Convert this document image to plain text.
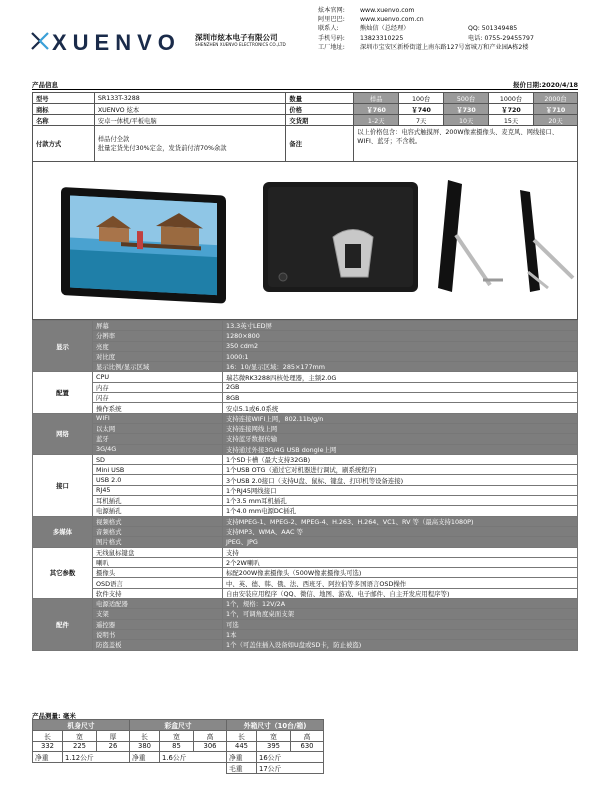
XUENVO 深圳市炫本电子有限公司
SHENZHEN XUENVO ELECTRONICS CO.,LTD
炫本官网: www.xuenvo.com
阿里巴巴: www.xuenvo.com.cn
联系人:	熊灿信（总经理）	QQ: 501349485
手机号码: 13823310225	电话: 0755-29455797
工厂地址: 深圳市宝安区新桥街道上南东路127号富城万和产业园A栋2楼
产品信息	报价日期:2020/4/18
型号	SR133T-3288	数量	样品	100台	500台	1000台	2000台
商标	XUENVO 炫本	价格	￥760	￥740	￥730	￥720	￥710
名称	安卓一体机/平板电脑	交货期	1-2天	7天	10天	15天	20天
付款方式	样品付全款
批量定货先付30%定金，发货前付清70%余款	备注	以上价格包含：电容式触摸屏、200W像素摄像头、麦克风、网线接口、WIFI、蓝牙；不含税。				
显示	屏幕	13.3英寸LED屏
	分辨率	1280×800
	亮度	350 cdm2
	对比度	1000:1
	显示比例/显示区域	16：10/显示区域：285×177mm
配置	CPU	瑞芯微RK3288四核处理器，主频2.0G
	内存	2GB
	闪存	8GB
	操作系统	安卓5.1或6.0系统
网络	WIFI	支持连接WIFI上网，802.11b/g/n
	以太网	支持连接网线上网
	蓝牙	支持蓝牙数据传输
	3G/4G	支持通过外接3G/4G USB dongle上网
接口	SD	1个SD卡槽（最大支持32GB)
	Mini USB	1个USB OTG（通过它对机器进行调试，刷系统程序)
	USB 2.0	3个USB 2.0接口（支持U盘、鼠标、键盘、打印机等设备连接)
	RJ45	1个RJ45网线接口
	耳机插孔	1个3.5 mm耳机插孔
	电源插孔	1个4.0 mm电源DC插孔
多媒体	视频格式	支持MPEG-1、MPEG-2、MPEG-4、H.263、H.264、VC1、RV 等（最高支持1080P)
	音频格式	支持MP3、WMA、AAC 等
	图片格式	JPEG、JPG
其它参数	无线鼠标键盘	支持
	喇叭	2个2W喇叭
	摄像头	标配200W像素摄像头（500W像素摄像头可选)
	OSD语言	中、英、德、韩、俄、法、西班牙、阿拉伯等多国语言OSD操作
	软件支持	自由安装应用程序（QQ、微信、地图、游戏、电子邮件、自主开发应用程序等)
配件	电源适配器	1个，规格：12V/2A
	支架	1个，可调角度桌面支架
	遥控器	可选
	说明书	1本
	防盗盖板	1个（可盖住插入设备如U盘或SD卡，防止被盗)
产品测量: 毫米
机身尺寸			彩盒尺寸			外箱尺寸（10台/箱)		
长	宽	厚	长	宽	高	长	宽	高
332	225	26	380	85	306	445	395	630
净重	1.12公斤		净重	1.6公斤		净重	16公斤	
						毛重	17公斤	
